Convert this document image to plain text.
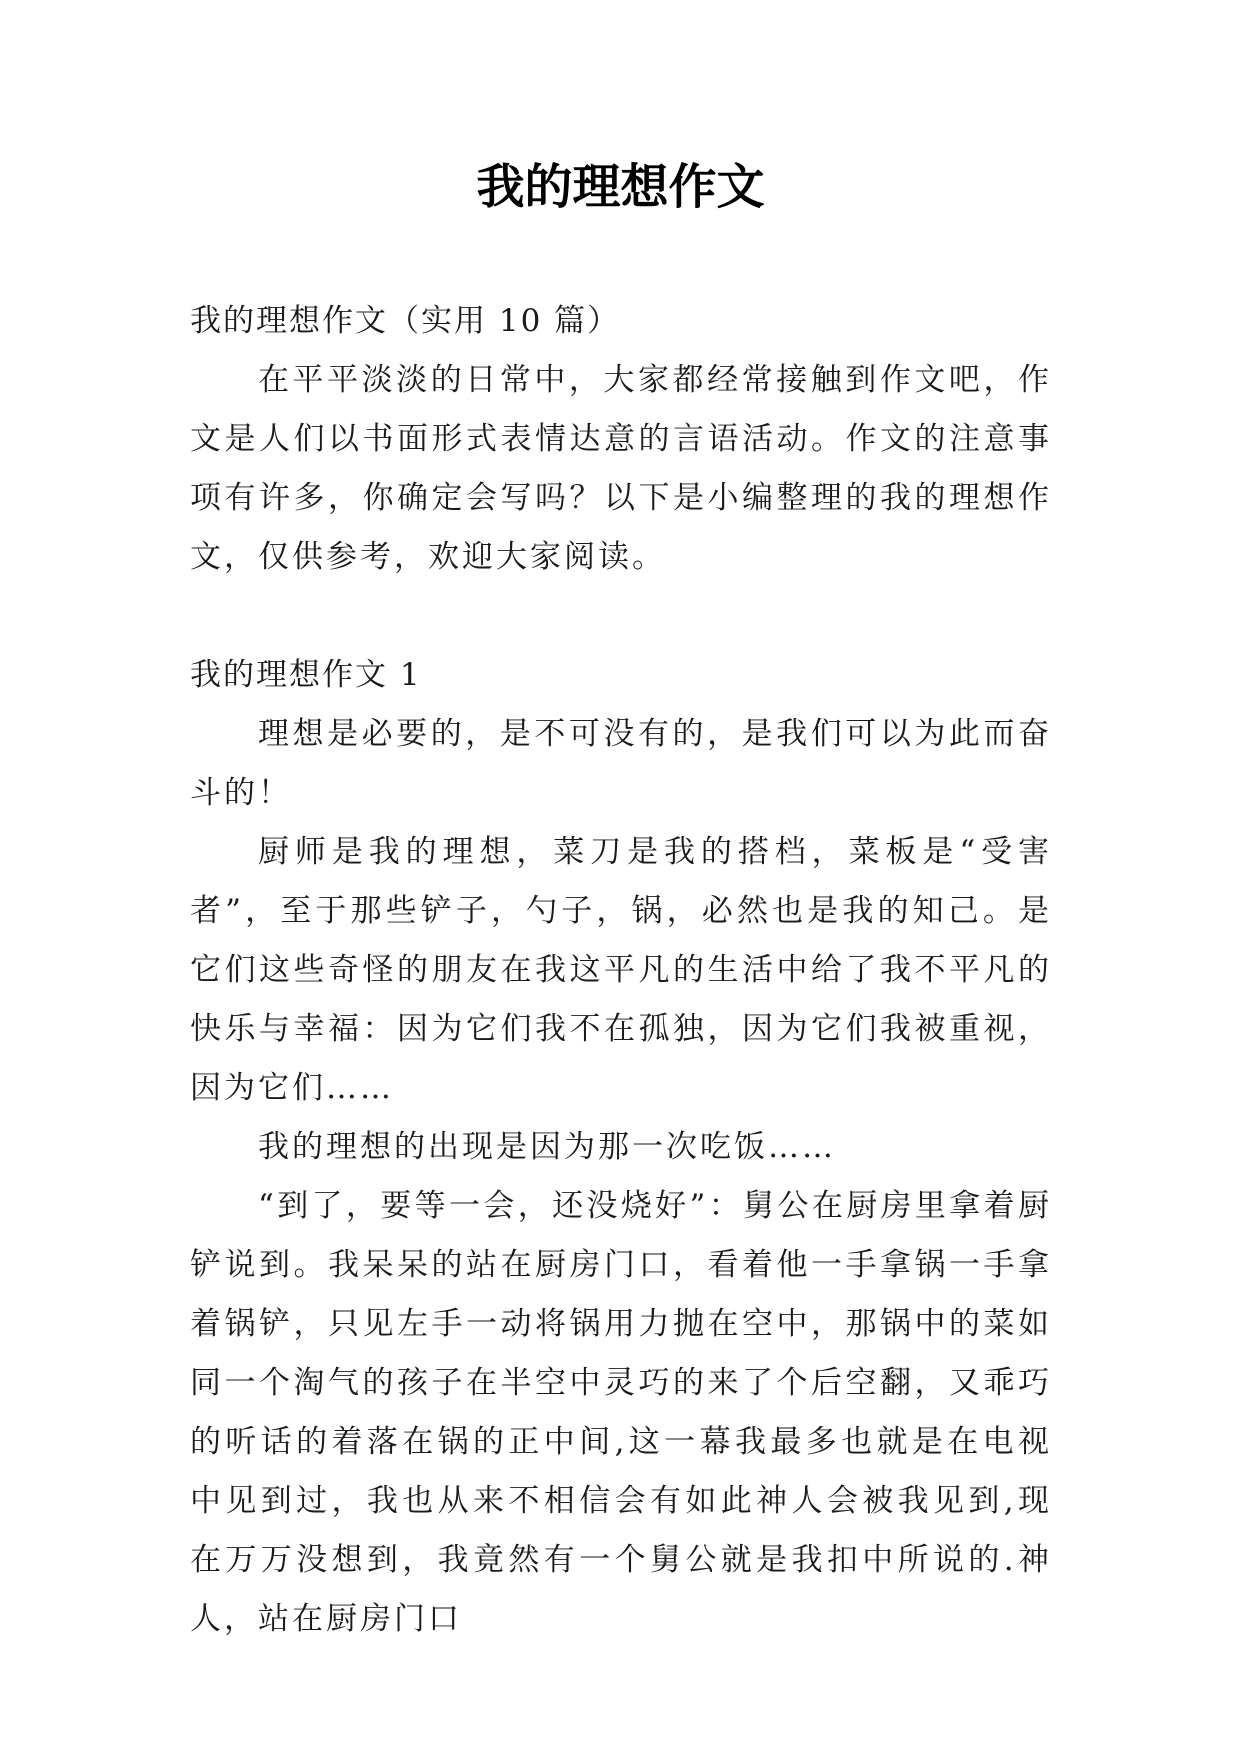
我的理想作文

我的理想作文（实用 10 篇）

在平平淡淡的日常中，大家都经常接触到作文吧，作文是人们以书面形式表情达意的言语活动。作文的注意事项有许多，你确定会写吗？以下是小编整理的我的理想作文，仅供参考，欢迎大家阅读。

我的理想作文 1

理想是必要的，是不可没有的，是我们可以为此而奋斗的！

厨师是我的理想，菜刀是我的搭档，菜板是“受害者”，至于那些铲子，勺子，锅，必然也是我的知己。是它们这些奇怪的朋友在我这平凡的生活中给了我不平凡的快乐与幸福：因为它们我不在孤独，因为它们我被重视，因为它们……

我的理想的出现是因为那一次吃饭……

“到了，要等一会，还没烧好”：舅公在厨房里拿着厨铲说到。我呆呆的站在厨房门口，看着他一手拿锅一手拿着锅铲，只见左手一动将锅用力抛在空中，那锅中的菜如同一个淘气的孩子在半空中灵巧的来了个后空翻，又乖巧的听话的着落在锅的正中间,这一幕我最多也就是在电视中见到过，我也从来不相信会有如此神人会被我见到,现在万万没想到，我竟然有一个舅公就是我扣中所说的.神人，站在厨房门口
